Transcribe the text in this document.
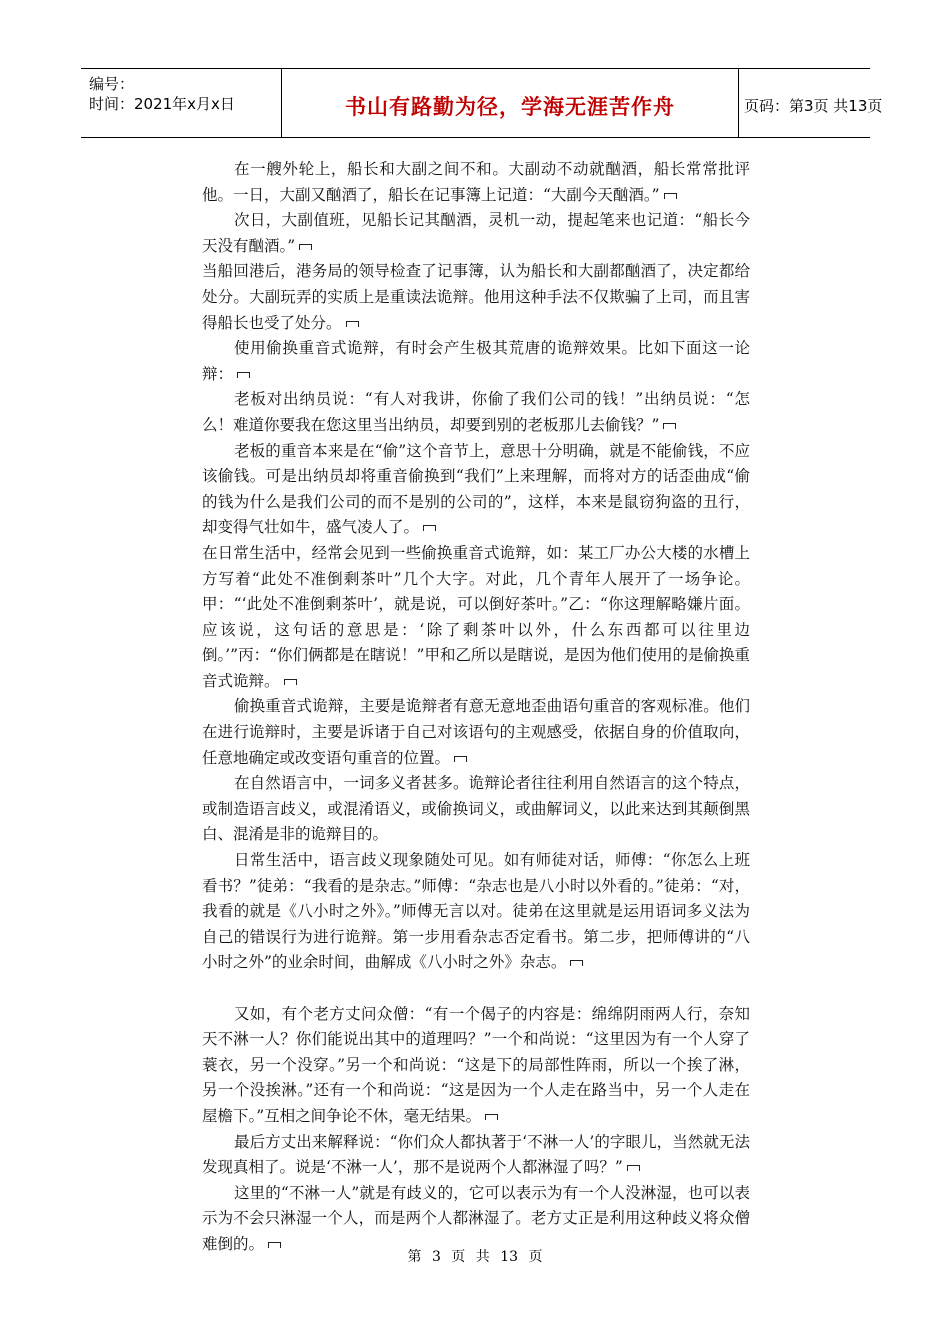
编号：
时间：2021年x月x日	书山有路勤为径，学海无涯苦作舟	页码：第3页 共13页

在一艘外轮上，船长和大副之间不和。大副动不动就酗酒，船长常常批评他。一日，大副又酗酒了，船长在记事簿上记道：“大副今天酗酒。”

次日，大副值班，见船长记其酗酒，灵机一动，提起笔来也记道：“船长今天没有酗酒。”

当船回港后，港务局的领导检查了记事簿，认为船长和大副都酗酒了，决定都给处分。大副玩弄的实质上是重读法诡辩。他用这种手法不仅欺骗了上司，而且害得船长也受了处分。

使用偷换重音式诡辩，有时会产生极其荒唐的诡辩效果。比如下面这一论辩：

老板对出纳员说：“有人对我讲，你偷了我们公司的钱！”出纳员说：“怎么！难道你要我在您这里当出纳员，却要到别的老板那儿去偷钱？”

老板的重音本来是在“偷”这个音节上，意思十分明确，就是不能偷钱，不应该偷钱。可是出纳员却将重音偷换到“我们”上来理解，而将对方的话歪曲成“偷的钱为什么是我们公司的而不是别的公司的”，这样，本来是鼠窃狗盗的丑行，却变得气壮如牛，盛气凌人了。

在日常生活中，经常会见到一些偷换重音式诡辩，如：某工厂办公大楼的水槽上方写着“此处不准倒剩茶叶”几个大字。对此，几个青年人展开了一场争论。甲：“‘此处不准倒剩茶叶’，就是说，可以倒好茶叶。”乙：“你这理解略嫌片面。应该说，这句话的意思是：‘除了剩茶叶以外，什么东西都可以往里边倒。’”丙：“你们俩都是在瞎说！”甲和乙所以是瞎说，是因为他们使用的是偷换重音式诡辩。

偷换重音式诡辩，主要是诡辩者有意无意地歪曲语句重音的客观标准。他们在进行诡辩时，主要是诉诸于自己对该语句的主观感受，依据自身的价值取向，任意地确定或改变语句重音的位置。

在自然语言中，一词多义者甚多。诡辩论者往往利用自然语言的这个特点，或制造语言歧义，或混淆语义，或偷换词义，或曲解词义，以此来达到其颠倒黑白、混淆是非的诡辩目的。

日常生活中，语言歧义现象随处可见。如有师徒对话，师傅：“你怎么上班看书？”徒弟：“我看的是杂志。”师傅：“杂志也是八小时以外看的。”徒弟：“对，我看的就是《八小时之外》。”师傅无言以对。徒弟在这里就是运用语词多义法为自己的错误行为进行诡辩。第一步用看杂志否定看书。第二步，把师傅讲的“八小时之外”的业余时间，曲解成《八小时之外》杂志。

又如，有个老方丈问众僧：“有一个偈子的内容是：绵绵阴雨两人行，奈知天不淋一人？你们能说出其中的道理吗？”一个和尚说：“这里因为有一个人穿了蓑衣，另一个没穿。”另一个和尚说：“这是下的局部性阵雨，所以一个挨了淋，另一个没挨淋。”还有一个和尚说：“这是因为一个人走在路当中，另一个人走在屋檐下。”互相之间争论不休，毫无结果。

最后方丈出来解释说：“你们众人都执著于‘不淋一人’的字眼儿，当然就无法发现真相了。说是‘不淋一人’，那不是说两个人都淋湿了吗？”

这里的“不淋一人”就是有歧义的，它可以表示为有一个人没淋湿，也可以表示为不会只淋湿一个人，而是两个人都淋湿了。老方丈正是利用这种歧义将众僧难倒的。

第 3 页 共 13 页
